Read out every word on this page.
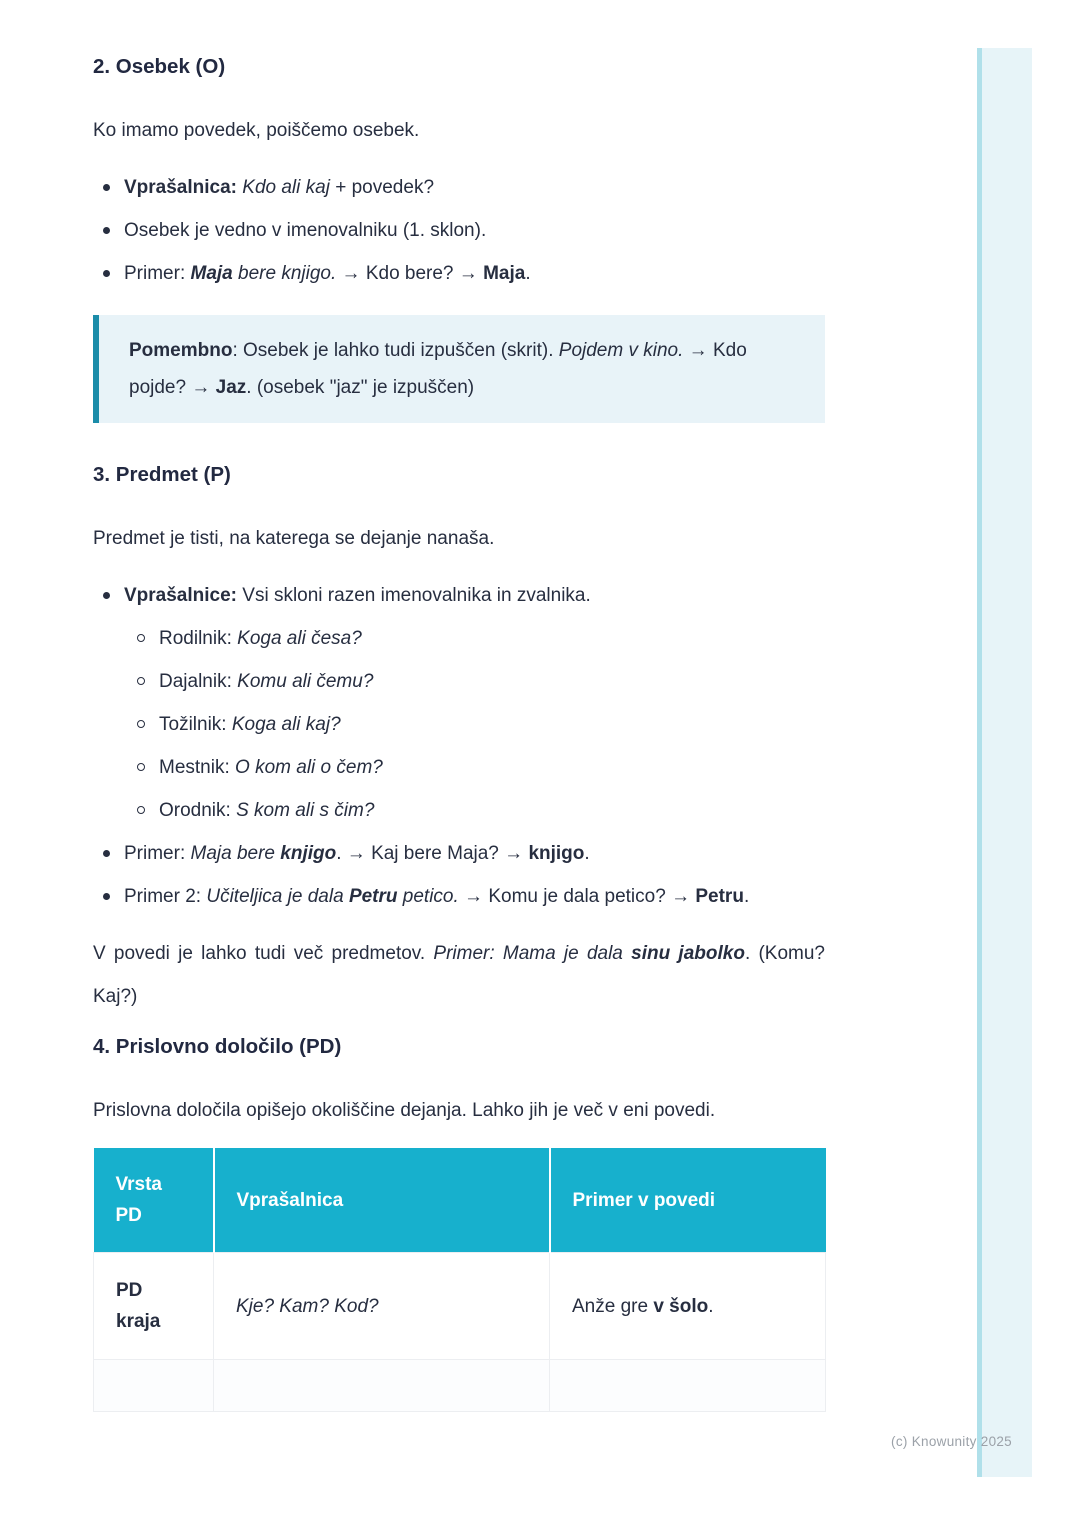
2. Osebek (O)

Ko imamo povedek, poiščemo osebek.

Vprašalnica: Kdo ali kaj + povedek?
Osebek je vedno v imenovalniku (1. sklon).
Primer: Maja bere knjigo. → Kdo bere? → Maja.

Pomembno: Osebek je lahko tudi izpuščen (skrit). Pojdem v kino. → Kdo pojde? → Jaz. (osebek "jaz" je izpuščen)

3. Predmet (P)

Predmet je tisti, na katerega se dejanje nanaša.

Vprašalnice: Vsi skloni razen imenovalnika in zvalnika.
Rodilnik: Koga ali česa?
Dajalnik: Komu ali čemu?
Tožilnik: Koga ali kaj?
Mestnik: O kom ali o čem?
Orodnik: S kom ali s čim?
Primer: Maja bere knjigo. → Kaj bere Maja? → knjigo.
Primer 2: Učiteljica je dala Petru petico. → Komu je dala petico? → Petru.

V povedi je lahko tudi več predmetov. Primer: Mama je dala sinu jabolko. (Komu? Kaj?)

4. Prislovno določilo (PD)

Prislovna določila opišejo okoliščine dejanja. Lahko jih je več v eni povedi.

Vrsta PD	Vprašalnica	Primer v povedi
PD kraja	Kje? Kam? Kod?	Anže gre v šolo.

(c) Knowunity 2025
